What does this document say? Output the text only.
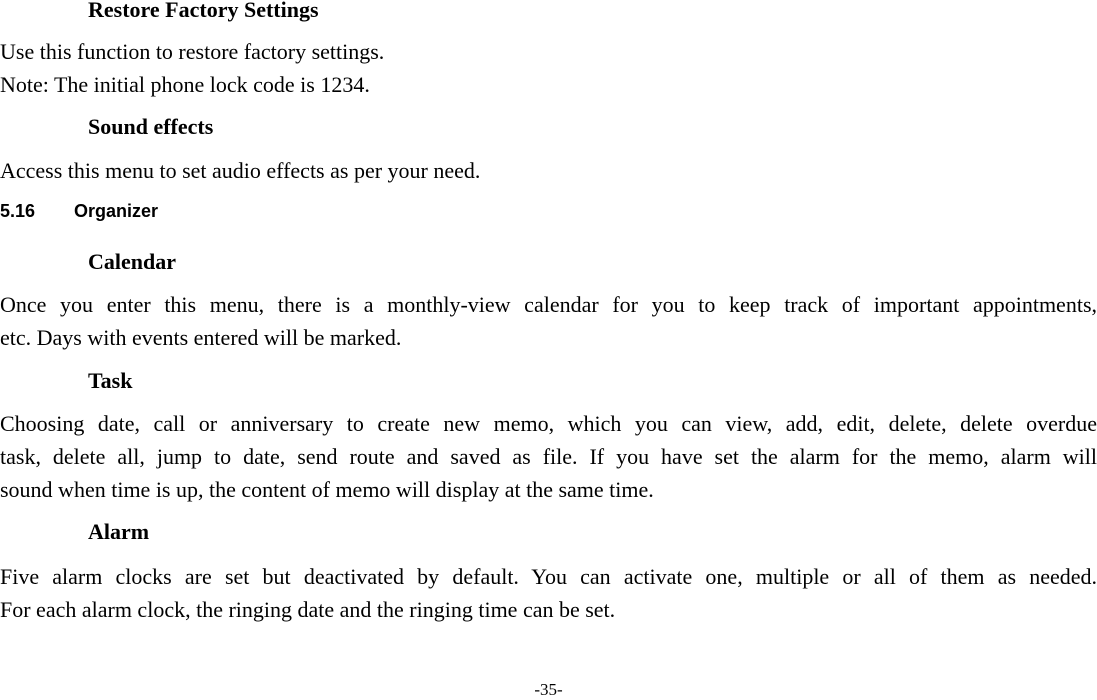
Restore Factory Settings
Use this function to restore factory settings.
Note: The initial phone lock code is 1234.
Sound effects
Access this menu to set audio effects as per your need.
5.16 Organizer
Calendar
Once you enter this menu, there is a monthly-view calendar for you to keep track of important appointments,
etc. Days with events entered will be marked.
Task
Choosing date, call or anniversary to create new memo, which you can view, add, edit, delete, delete overdue
task, delete all, jump to date, send route and saved as file. If you have set the alarm for the memo, alarm will
sound when time is up, the content of memo will display at the same time.
Alarm
Five alarm clocks are set but deactivated by default. You can activate one, multiple or all of them as needed.
For each alarm clock, the ringing date and the ringing time can be set.
-35-
